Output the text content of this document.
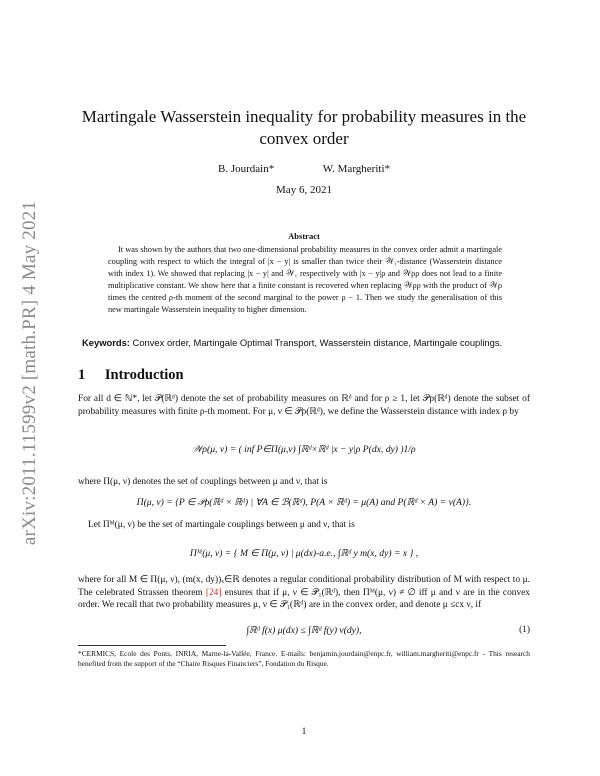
arXiv:2011.11599v2 [math.PR] 4 May 2021
Martingale Wasserstein inequality for probability measures in the
convex order
B. Jourdain*	W. Margheriti*
May 6, 2021
Abstract
It was shown by the authors that two one-dimensional probability measures in the convex order admit a martingale coupling with respect to which the integral of |x − y| is smaller than twice their 𝒲₁-distance (Wasserstein distance with index 1). We showed that replacing |x − y| and 𝒲₁ respectively with |x − y|ρ and 𝒲ρρ does not lead to a finite multiplicative constant. We show here that a finite constant is recovered when replacing 𝒲ρρ with the product of 𝒲ρ times the centred ρ-th moment of the second marginal to the power ρ − 1. Then we study the generalisation of this new martingale Wasserstein inequality to higher dimension.
Keywords: Convex order, Martingale Optimal Transport, Wasserstein distance, Martingale couplings.
1 Introduction
For all d ∈ ℕ*, let 𝒫(ℝᵈ) denote the set of probability measures on ℝᵈ and for ρ ≥ 1, let 𝒫ρ(ℝᵈ) denote the subset of probability measures with finite ρ-th moment. For μ, ν ∈ 𝒫ρ(ℝᵈ), we define the Wasserstein distance with index ρ by
𝒲ρ(μ, ν) = ( inf P∈Π(μ,ν) ∫ℝᵈ×ℝᵈ |x − y|ρ P(dx, dy) )1/ρ
where Π(μ, ν) denotes the set of couplings between μ and ν, that is
Π(μ, ν) = {P ∈ 𝒫ρ(ℝᵈ × ℝᵈ) | ∀A ∈ ℬ(ℝᵈ), P(A × ℝᵈ) = μ(A) and P(ℝᵈ × A) = ν(A)}.
Let Πᴹ(μ, ν) be the set of martingale couplings between μ and ν, that is
Πᴹ(μ, ν) = { M ∈ Π(μ, ν) | μ(dx)-a.e., ∫ℝᵈ y m(x, dy) = x } ,
where for all M ∈ Π(μ, ν), (m(x, dy))ₓ∈ℝ denotes a regular conditional probability distribution of M with respect to μ. The celebrated Strassen theorem [24] ensures that if μ, ν ∈ 𝒫₁(ℝᵈ), then Πᴹ(μ, ν) ≠ ∅ iff μ and ν are in the convex order. We recall that two probability measures μ, ν ∈ 𝒫₁(ℝᵈ) are in the convex order, and denote μ ≤cx ν, if
∫ℝᵈ f(x) μ(dx) ≤ ∫ℝᵈ f(y) ν(dy),	(1)
*CERMICS, Ecole des Ponts, INRIA, Marne-la-Vallée, France. E-mails: benjamin.jourdain@enpc.fr, william.margheriti@enpc.fr - This research benefited from the support of the “Chaire Risques Financiers”, Fondation du Risque.
1
